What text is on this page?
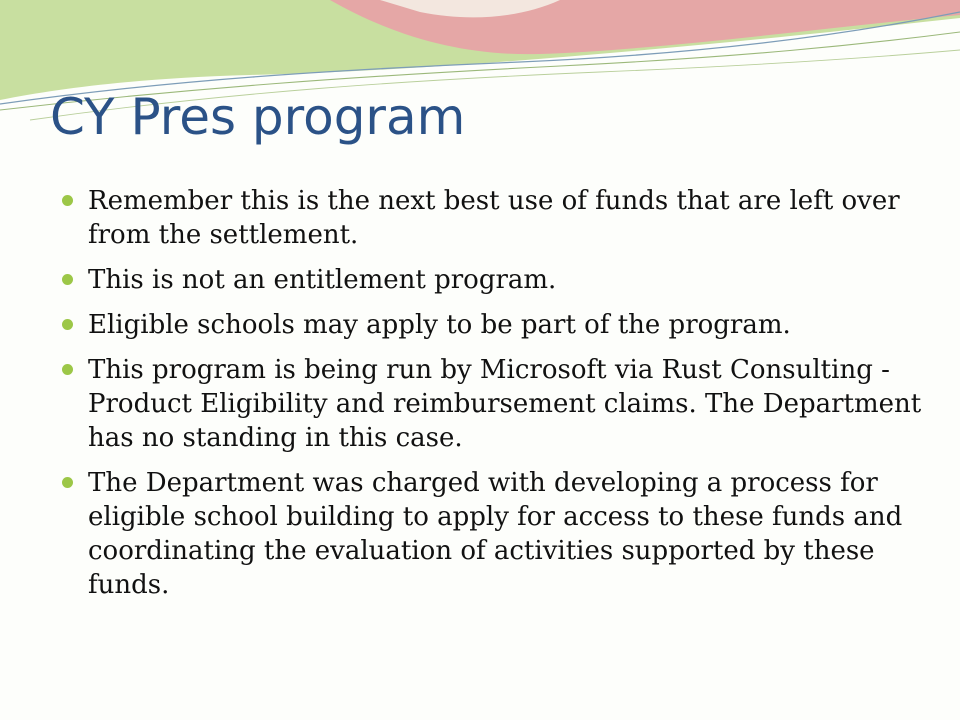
CY Pres program
Remember this is the next best use of funds that are left over from the settlement.
This is not an entitlement program.
Eligible schools may apply to be part of the program.
This program is being run by Microsoft via Rust Consulting - Product Eligibility and reimbursement claims. The Department has no standing in this case.
The Department was charged with developing a process for eligible school building to apply for access to these funds and coordinating the evaluation of activities supported by these funds.
